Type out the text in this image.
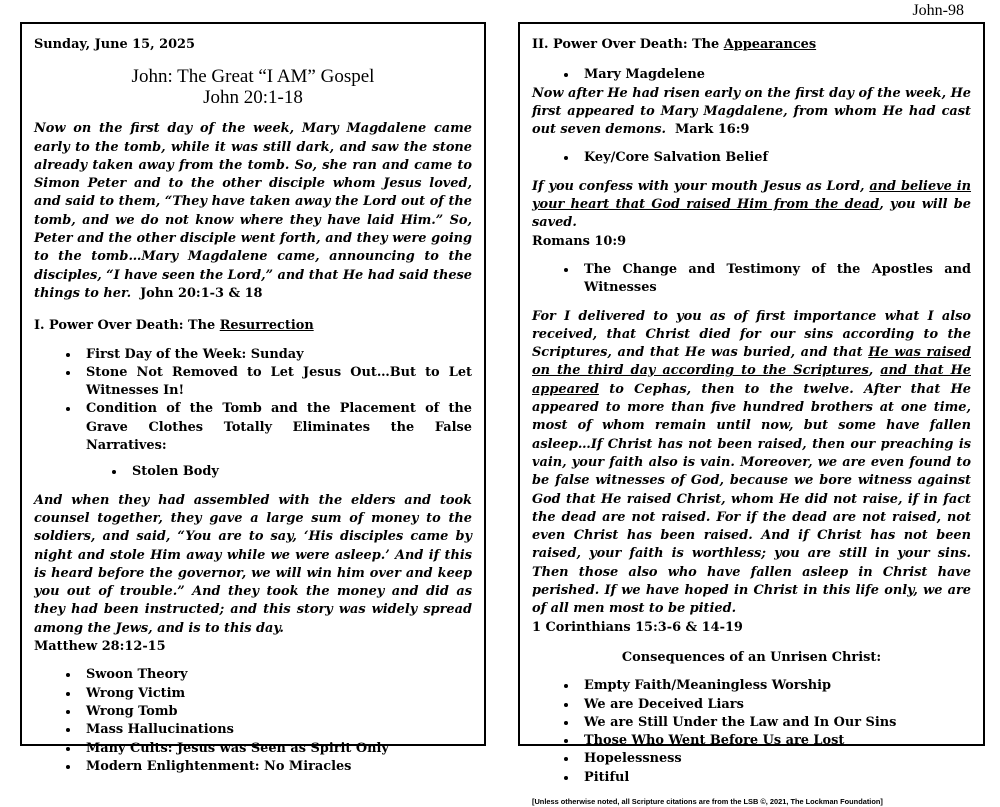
John-98

Sunday, June 15, 2025

John: The Great “I AM” Gospel
John 20:1-18

Now on the first day of the week, Mary Magdalene came early to the tomb, while it was still dark, and saw the stone already taken away from the tomb. So, she ran and came to Simon Peter and to the other disciple whom Jesus loved, and said to them, “They have taken away the Lord out of the tomb, and we do not know where they have laid Him.” So, Peter and the other disciple went forth, and they were going to the tomb…Mary Magdalene came, announcing to the disciples, “I have seen the Lord,” and that He had said these things to her. John 20:1-3 & 18

I. Power Over Death: The Resurrection

• First Day of the Week: Sunday
• Stone Not Removed to Let Jesus Out…But to Let Witnesses In!
• Condition of the Tomb and the Placement of the Grave Clothes Totally Eliminates the False Narratives:
• Stolen Body

And when they had assembled with the elders and took counsel together, they gave a large sum of money to the soldiers, and said, “You are to say, ‘His disciples came by night and stole Him away while we were asleep.’ And if this is heard before the governor, we will win him over and keep you out of trouble.” And they took the money and did as they had been instructed; and this story was widely spread among the Jews, and is to this day.
Matthew 28:12-15

• Swoon Theory
• Wrong Victim
• Wrong Tomb
• Mass Hallucinations
• Many Cults: Jesus was Seen as Spirit Only
• Modern Enlightenment: No Miracles

II. Power Over Death: The Appearances

• Mary Magdelene

Now after He had risen early on the first day of the week, He first appeared to Mary Magdalene, from whom He had cast out seven demons. Mark 16:9

• Key/Core Salvation Belief

If you confess with your mouth Jesus as Lord, and believe in your heart that God raised Him from the dead, you will be saved.
Romans 10:9

• The Change and Testimony of the Apostles and Witnesses

For I delivered to you as of first importance what I also received, that Christ died for our sins according to the Scriptures, and that He was buried, and that He was raised on the third day according to the Scriptures, and that He appeared to Cephas, then to the twelve. After that He appeared to more than five hundred brothers at one time, most of whom remain until now, but some have fallen asleep…If Christ has not been raised, then our preaching is vain, your faith also is vain. Moreover, we are even found to be false witnesses of God, because we bore witness against God that He raised Christ, whom He did not raise, if in fact the dead are not raised. For if the dead are not raised, not even Christ has been raised. And if Christ has not been raised, your faith is worthless; you are still in your sins. Then those also who have fallen asleep in Christ have perished. If we have hoped in Christ in this life only, we are of all men most to be pitied.
1 Corinthians 15:3-6 & 14-19

Consequences of an Unrisen Christ:

• Empty Faith/Meaningless Worship
• We are Deceived Liars
• We are Still Under the Law and In Our Sins
• Those Who Went Before Us are Lost
• Hopelessness
• Pitiful

[Unless otherwise noted, all Scripture citations are from the LSB ©, 2021, The Lockman Foundation]
